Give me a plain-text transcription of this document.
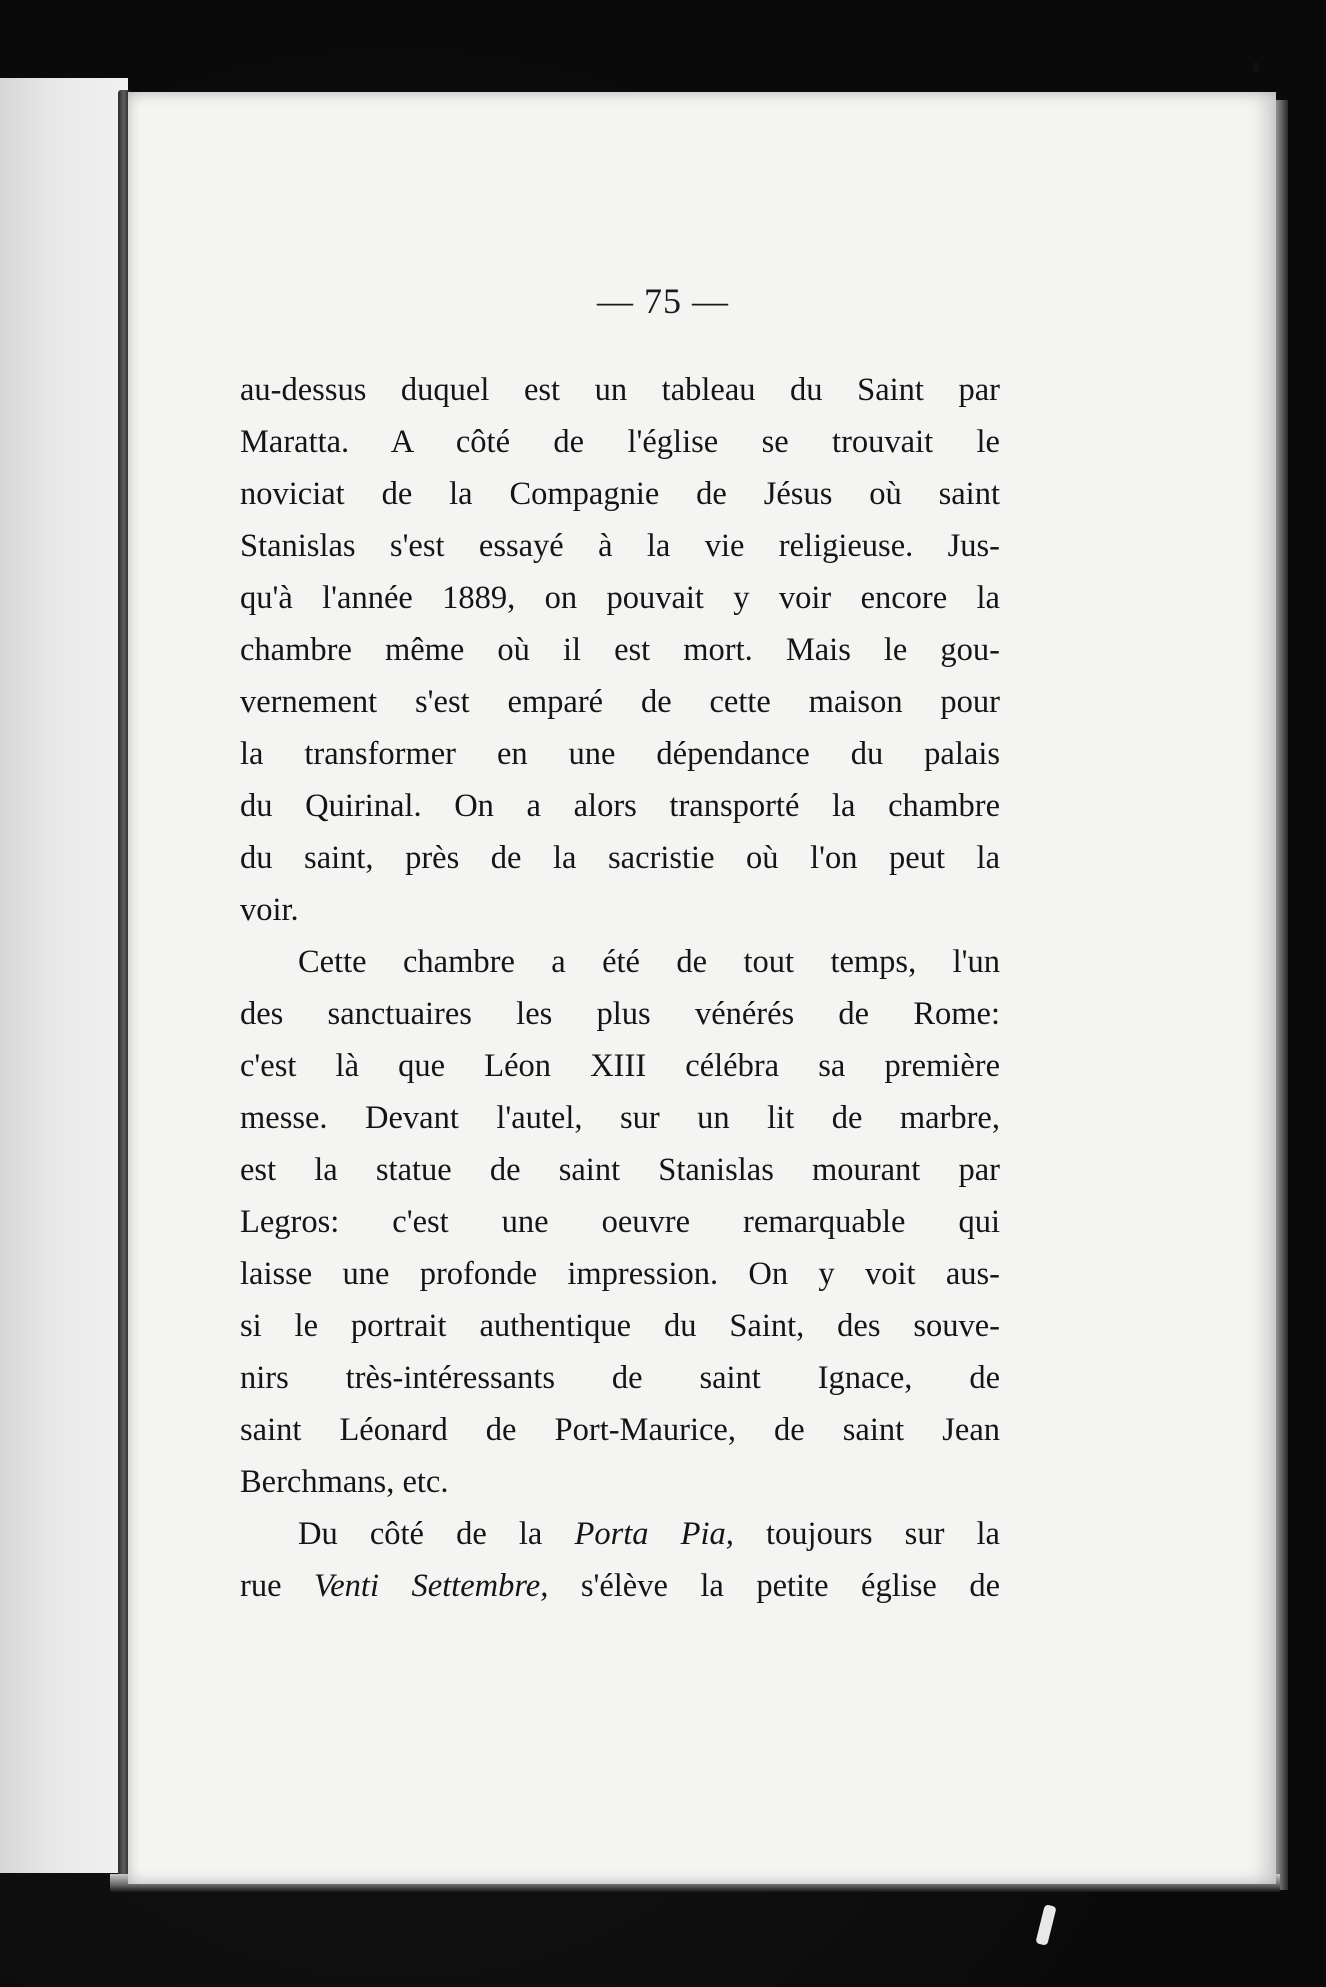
— 75 —
au-dessus duquel est un tableau du Saint par
Maratta. A côté de l'église se trouvait le
noviciat de la Compagnie de Jésus où saint
Stanislas s'est essayé à la vie religieuse. Jus-
qu'à l'année 1889, on pouvait y voir encore la
chambre même où il est mort. Mais le gou-
vernement s'est emparé de cette maison pour
la transformer en une dépendance du palais
du Quirinal. On a alors transporté la chambre
du saint, près de la sacristie où l'on peut la
voir.
Cette chambre a été de tout temps, l'un
des sanctuaires les plus vénérés de Rome:
c'est là que Léon XIII célébra sa première
messe. Devant l'autel, sur un lit de marbre,
est la statue de saint Stanislas mourant par
Legros: c'est une oeuvre remarquable qui
laisse une profonde impression. On y voit aus-
si le portrait authentique du Saint, des souve-
nirs très-intéressants de saint Ignace, de
saint Léonard de Port-Maurice, de saint Jean
Berchmans, etc.
Du côté de la Porta Pia, toujours sur la
rue Venti Settembre, s'élève la petite église de
